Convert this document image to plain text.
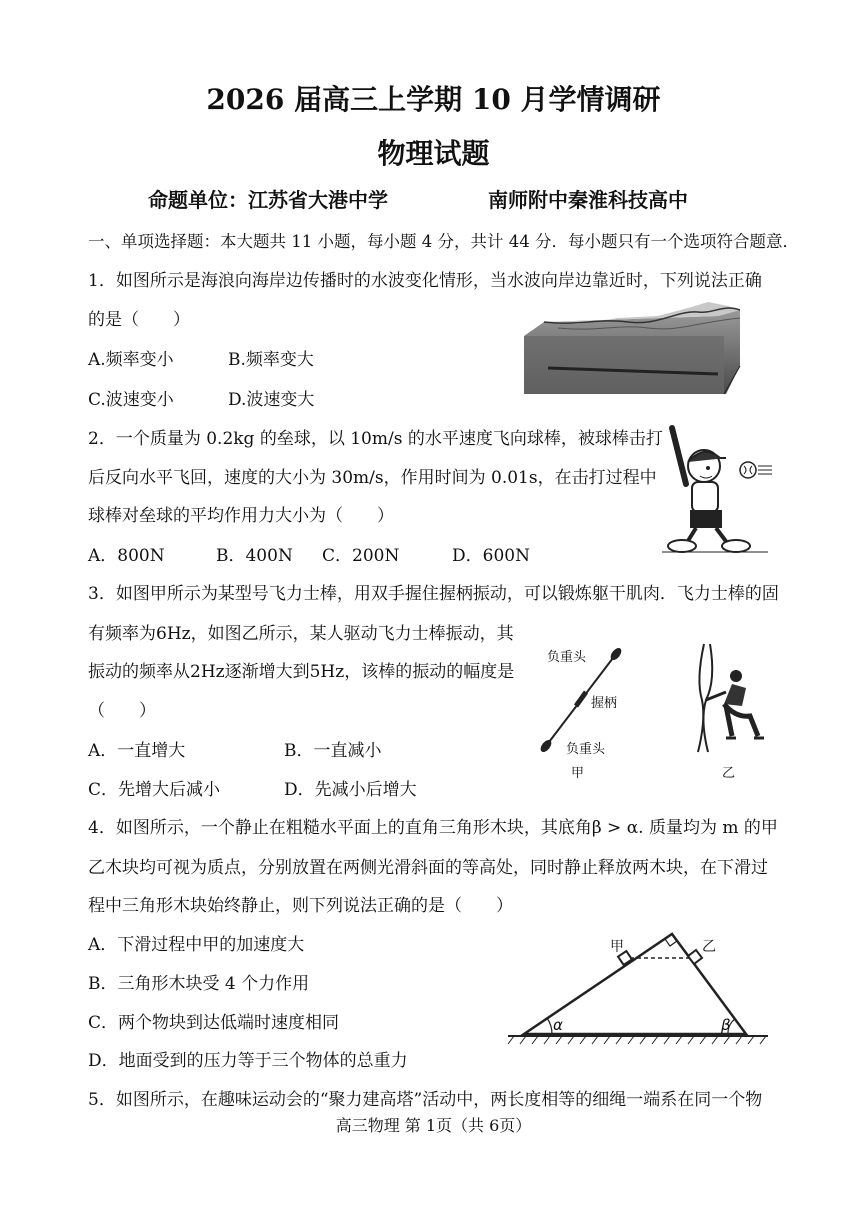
2026 届高三上学期 10 月学情调研
物理试题
命题单位：江苏省大港中学	南师附中秦淮科技高中
一、单项选择题：本大题共 11 小题，每小题 4 分，共计 44 分．每小题只有一个选项符合题意．
1．如图所示是海浪向海岸边传播时的水波变化情形，当水波向岸边靠近时，下列说法正确
的是（　　）
A.频率变小	B.频率变大
C.波速变小	D.波速变大
2．一个质量为 0.2kg 的垒球，以 10m/s 的水平速度飞向球棒，被球棒击打
后反向水平飞回，速度的大小为 30m/s，作用时间为 0.01s，在击打过程中
球棒对垒球的平均作用力大小为（　　）
A．800N	B．400N C．200N	D．600N
3．如图甲所示为某型号飞力士棒，用双手握住握柄振动，可以锻炼躯干肌肉．飞力士棒的固
有频率为6Hz，如图乙所示，某人驱动飞力士棒振动，其
振动的频率从2Hz逐渐增大到5Hz，该棒的振动的幅度是
（　　）
A．一直增大	B．一直减小
C．先增大后减小	D．先减小后增大
负重头
握柄
负重头
甲	乙
4．如图所示，一个静止在粗糙水平面上的直角三角形木块，其底角β > α. 质量均为 m 的甲
乙木块均可视为质点，分别放置在两侧光滑斜面的等高处，同时静止释放两木块，在下滑过
程中三角形木块始终静止，则下列说法正确的是（　　）
A．下滑过程中甲的加速度大
B．三角形木块受 4 个力作用
C．两个物块到达低端时速度相同
D．地面受到的压力等于三个物体的总重力
甲	乙
α	β
5．如图所示，在趣味运动会的“聚力建高塔”活动中，两长度相等的细绳一端系在同一个物
高三物理 第 1页（共 6页）
